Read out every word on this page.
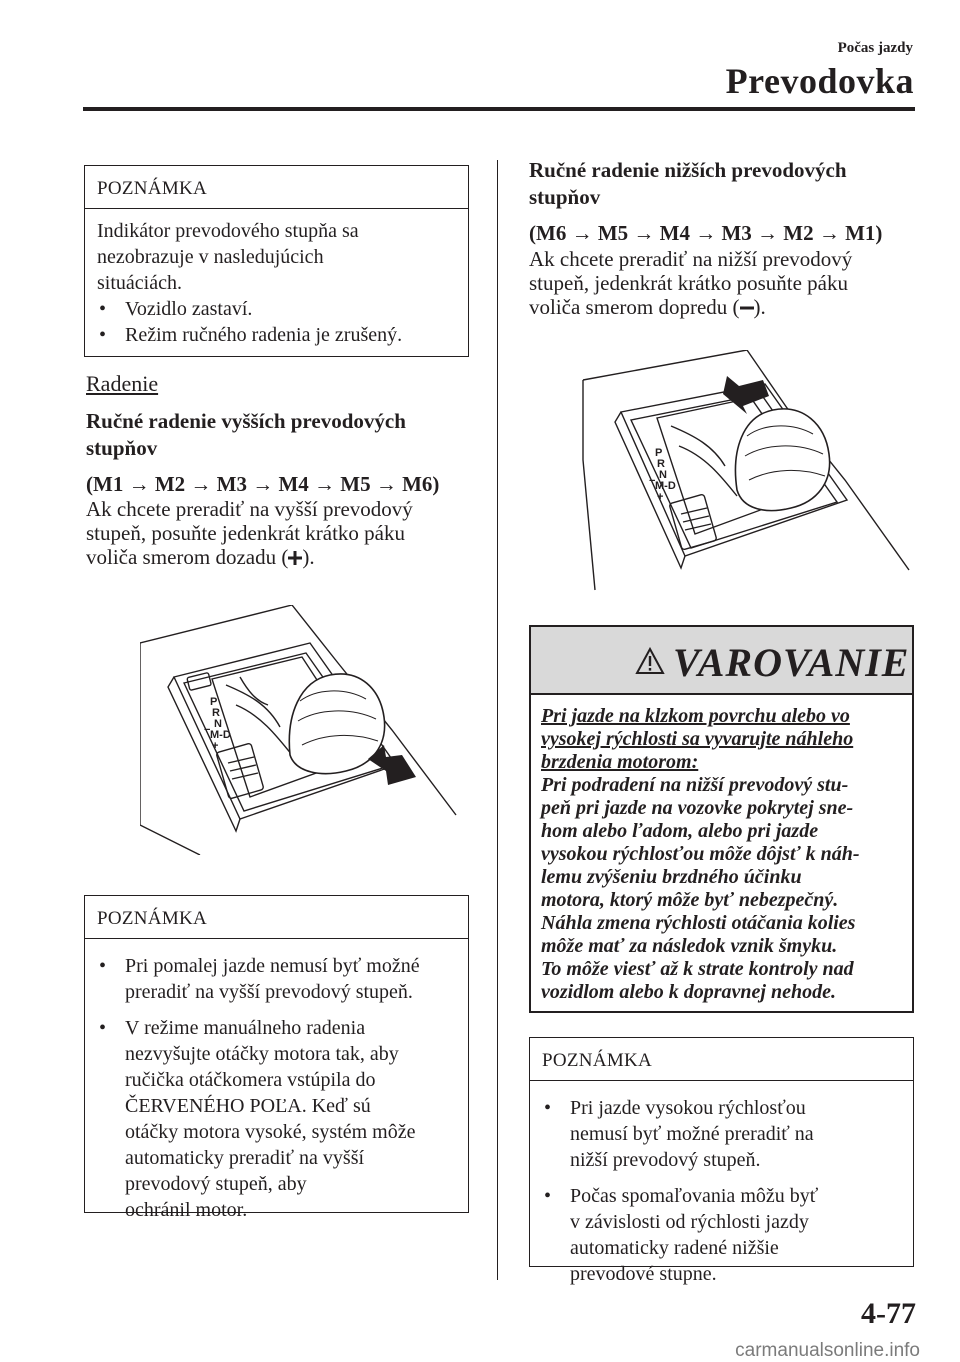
Počas jazdy
Prevodovka
POZNÁMKA

Indikátor prevodového stupňa sa

nezobrazuje v nasledujúcich

situáciách.

• Vozidlo zastaví.
• Režim ručného radenia je zrušený.
Radenie
Ručné radenie vyšších prevodových
stupňov
(M1 → M2 → M3 → M4 → M5 → M6)
Ak chcete preradiť na vyšší prevodový
stupeň, posuňte jedenkrát krátko páku
voliča smerom dozadu ( ).
P
R
N
M-D
−
+
POZNÁMKA
• Pri pomalej jazde nemusí byť možné
preradiť na vyšší prevodový stupeň.
• V režime manuálneho radenia
nezvyšujte otáčky motora tak, aby
ručička otáčkomera vstúpila do
ČERVENÉHO POĽA. Keď sú
otáčky motora vysoké, systém môže
automaticky preradiť na vyšší
prevodový stupeň, aby
ochránil motor.
Ručné radenie nižších prevodových
stupňov
(M6 → M5 → M4 → M3 → M2 → M1)
Ak chcete preradiť na nižší prevodový
stupeň, jedenkrát krátko posuňte páku
voliča smerom dopredu ( ).
P
R
N
M-D
−
+
VAROVANIE
Pri jazde na klzkom povrchu alebo vo
vysokej rýchlosti sa vyvarujte náhleho
brzdenia motorom:
Pri podradení na nižší prevodový stu-
peň pri jazde na vozovke pokrytej sne-
hom alebo ľadom, alebo pri jazde
vysokou rýchlosťou môže dôjsť k náh-
lemu zvýšeniu brzdného účinku
motora, ktorý môže byť nebezpečný.
Náhla zmena rýchlosti otáčania kolies
môže mať za následok vznik šmyku.
To môže viesť až k strate kontroly nad
vozidlom alebo k dopravnej nehode.
POZNÁMKA
• Pri jazde vysokou rýchlosťou
nemusí byť možné preradiť na
nižší prevodový stupeň.
• Počas spomaľovania môžu byť
v závislosti od rýchlosti jazdy
automaticky radené nižšie
prevodové stupne.
4-77
carmanualsonline.info
